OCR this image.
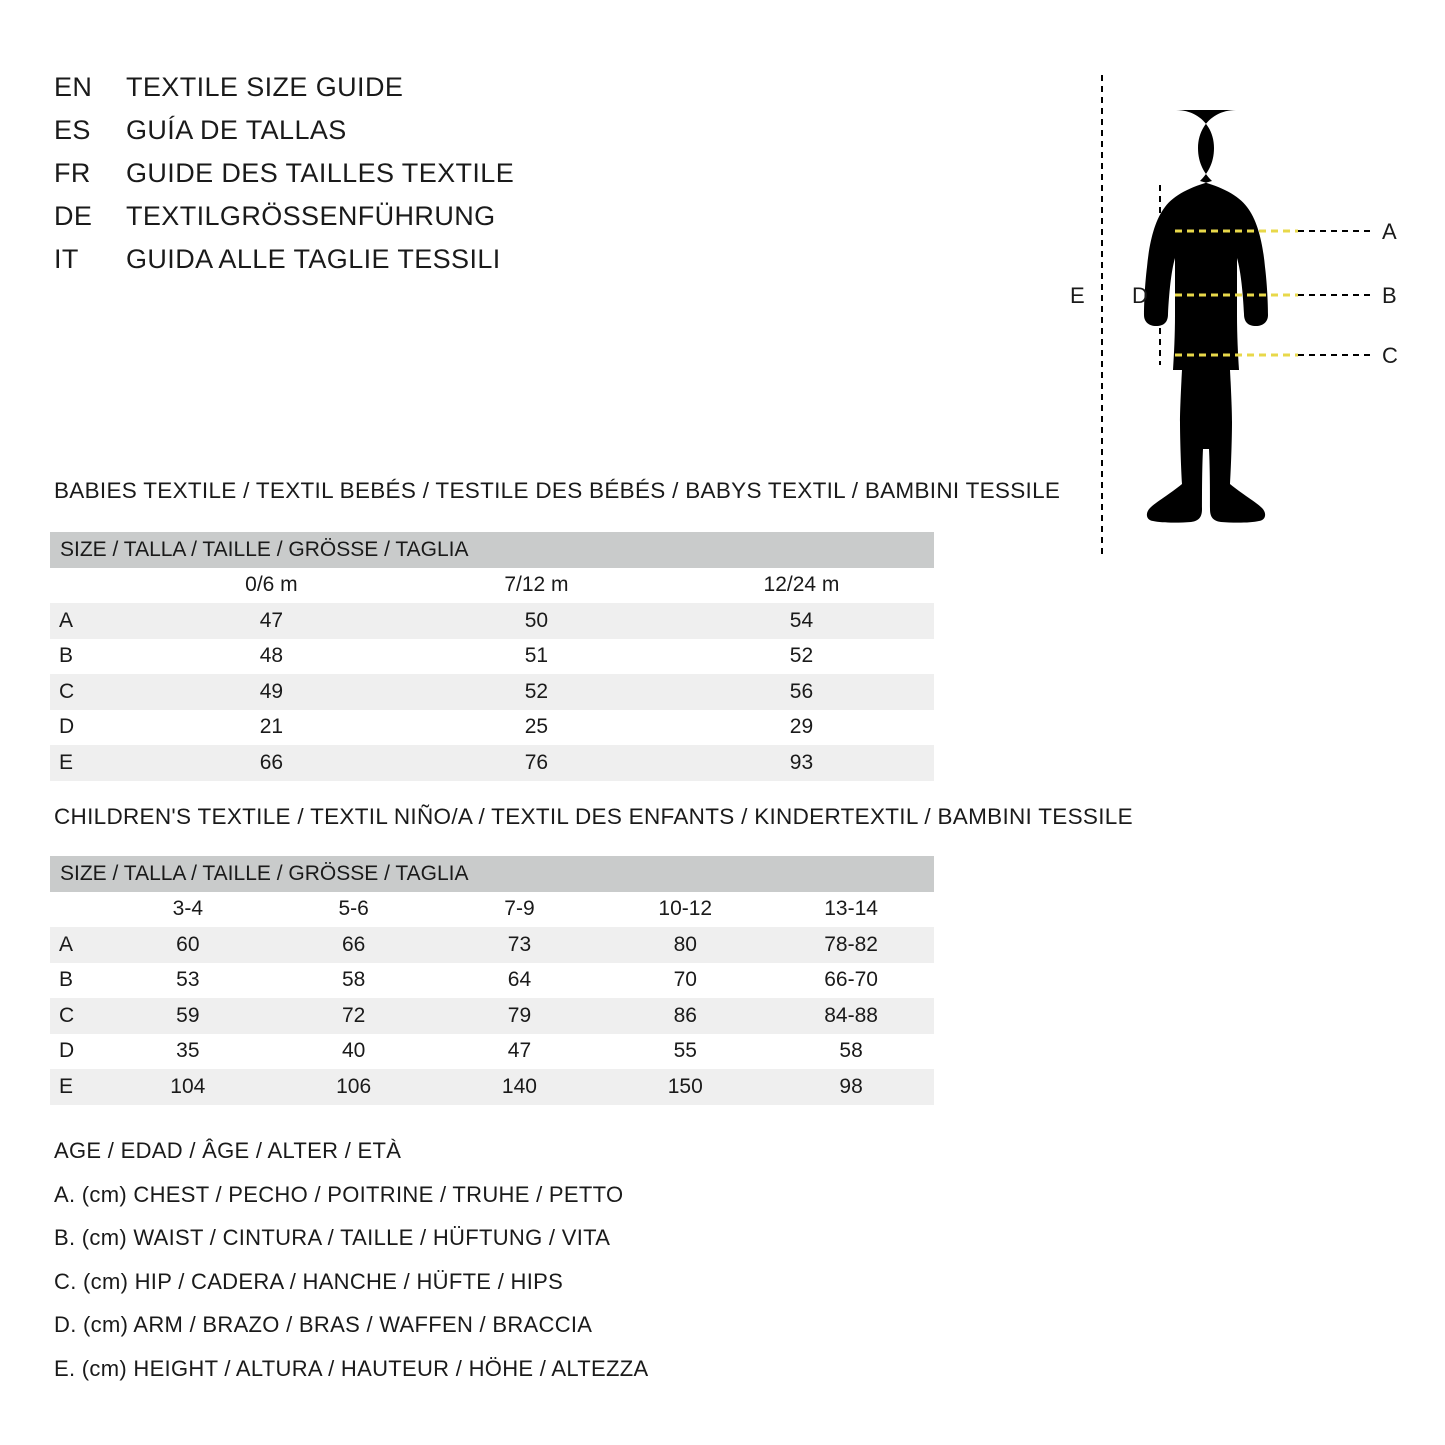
EN	TEXTILE SIZE GUIDE
ES	GUÍA DE TALLAS
FR	GUIDE DES TAILLES TEXTILE
DE	TEXTILGRÖSSENFÜHRUNG
IT	GUIDA ALLE TAGLIE TESSILI
A
B
C
D
E
BABIES TEXTILE / TEXTIL BEBÉS / TESTILE DES BÉBÉS / BABYS TEXTIL / BAMBINI TESSILE
SIZE / TALLA / TAILLE / GRÖSSE / TAGLIA			
	0/6 m	7/12 m	12/24 m
A	47	50	54
B	48	51	52
C	49	52	56
D	21	25	29
E	66	76	93
CHILDREN'S TEXTILE / TEXTIL NIÑO/A / TEXTIL DES ENFANTS / KINDERTEXTIL / BAMBINI TESSILE
SIZE / TALLA / TAILLE / GRÖSSE / TAGLIA					
	3-4	5-6	7-9	10-12	13-14
A	60	66	73	80	78-82
B	53	58	64	70	66-70
C	59	72	79	86	84-88
D	35	40	47	55	58
E	104	106	140	150	98
AGE / EDAD / ÂGE / ALTER / ETÀ
A. (cm) CHEST / PECHO / POITRINE / TRUHE / PETTO
B. (cm) WAIST / CINTURA / TAILLE / HÜFTUNG / VITA
C. (cm) HIP / CADERA / HANCHE / HÜFTE / HIPS
D. (cm) ARM / BRAZO / BRAS / WAFFEN / BRACCIA
E. (cm) HEIGHT / ALTURA / HAUTEUR / HÖHE / ALTEZZA
